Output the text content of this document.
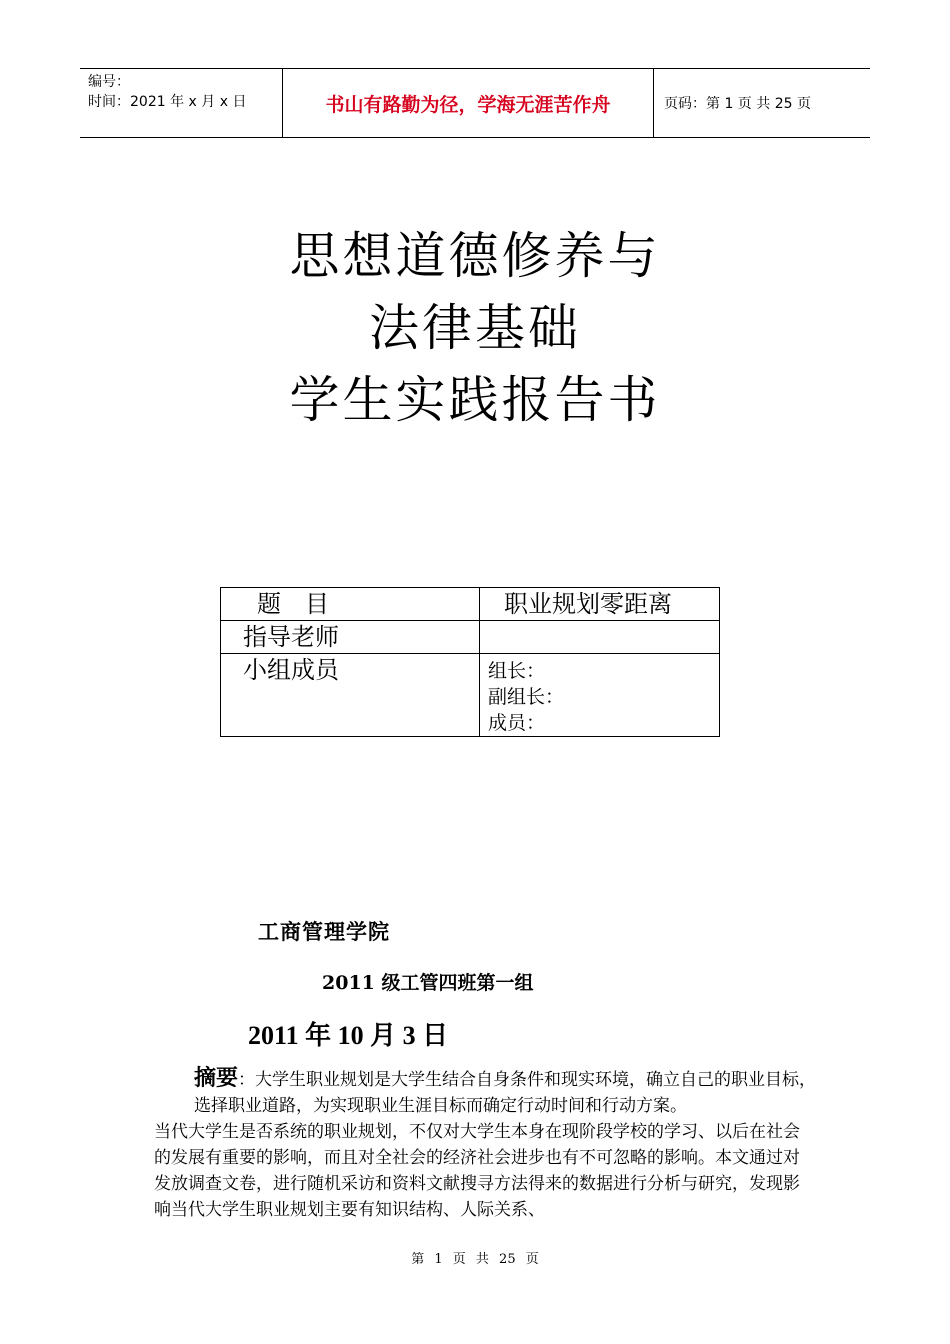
编号：
时间：2021 年 x 月 x 日	书山有路勤为径，学海无涯苦作舟	页码：第 1 页 共 25 页
思想道德修养与
法律基础
学生实践报告书
题目	职业规划零距离
指导老师	
小组成员	组长：
副组长：
成员：
工商管理学院
2011 级工管四班第一组
2011 年 10 月 3 日

摘要：大学生职业规划是大学生结合自身条件和现实环境，确立自己的职业目标，选择职业道路，为实现职业生涯目标而确定行动时间和行动方案。

当代大学生是否系统的职业规划，不仅对大学生本身在现阶段学校的学习、以后在社会的发展有重要的影响，而且对全社会的经济社会进步也有不可忽略的影响。本文通过对发放调查文卷，进行随机采访和资料文献搜寻方法得来的数据进行分析与研究，发现影响当代大学生职业规划主要有知识结构、人际关系、

第 1 页 共 25 页
